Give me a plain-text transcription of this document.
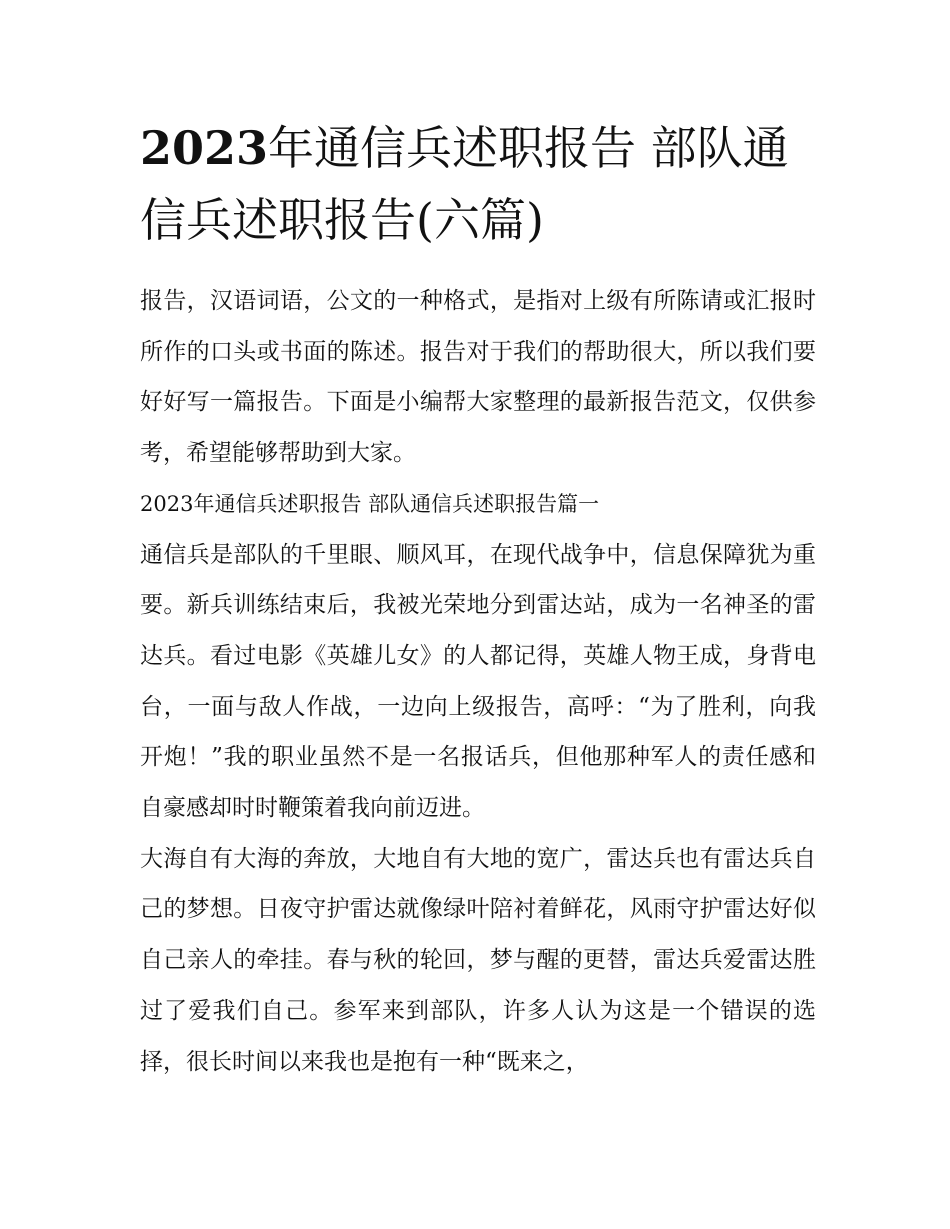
2023年通信兵述职报告 部队通信兵述职报告(六篇)

报告，汉语词语，公文的一种格式，是指对上级有所陈请或汇报时所作的口头或书面的陈述。报告对于我们的帮助很大，所以我们要好好写一篇报告。下面是小编帮大家整理的最新报告范文，仅供参考，希望能够帮助到大家。

2023年通信兵述职报告 部队通信兵述职报告篇一

通信兵是部队的千里眼、顺风耳，在现代战争中，信息保障犹为重要。新兵训练结束后，我被光荣地分到雷达站，成为一名神圣的雷达兵。看过电影《英雄儿女》的人都记得，英雄人物王成，身背电台，一面与敌人作战，一边向上级报告，高呼：“为了胜利，向我开炮！”我的职业虽然不是一名报话兵，但他那种军人的责任感和自豪感却时时鞭策着我向前迈进。

大海自有大海的奔放，大地自有大地的宽广，雷达兵也有雷达兵自己的梦想。日夜守护雷达就像绿叶陪衬着鲜花，风雨守护雷达好似自己亲人的牵挂。春与秋的轮回，梦与醒的更替，雷达兵爱雷达胜过了爱我们自己。参军来到部队，许多人认为这是一个错误的选择，很长时间以来我也是抱有一种“既来之，
